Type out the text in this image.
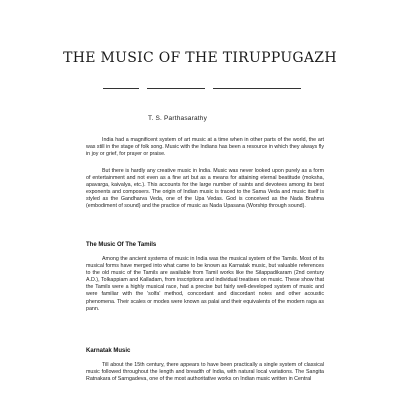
THE MUSIC OF THE TIRUPPUGAZH
T. S. Parthasarathy

India had a magnificent system of art music at a time when in other parts of the world, the art was still in the stage of folk song. Music with the Indians has been a resource in which they always fly in joy or grief, for prayer or praise.

But there is hardly any creative music in India. Music was never looked upon purely as a form of entertainment and not even as a fine art but as a means for attaining eternal beatitude (moksha, apavarga, kaivalya, etc.). This accounts for the large number of saints and devotees among its best exponents and composers. The origin of Indian music is traced to the Sama Veda and music itself is styled as the Gandharva Veda, one of the Upa Vedas. God is conceived as the Nada Brahma (embodiment of sound) and the practice of music as Nada Upasana (Worship through sound).

The Music Of The Tamils

Among the ancient systems of music in India was the musical system of the Tamils. Most of its musical forms have merged into what came to be known as Karnatak music, but valuable references to the old music of the Tamils are available from Tamil works like the Silappadikaram (2nd century A.D.), Tolkappiam and Kalladam, from inscriptions and individual treatises on music. These show that the Tamils were a highly musical race, had a precise but fairly well-developed system of music and were familiar with the 'solfa' method, concordant and discordant notes and other acoustic phenomena. Their scales or modes were known as palai and their equivalents of the modern raga as pann.

Karnatak Music

Till about the 15th century, there appears to have been practically a single system of classical music followed throughout the length and breadth of India, with natural local variations. The Sangita Ratnakara of Sarngadeva, one of the most authoritative works on Indian music written in Central
